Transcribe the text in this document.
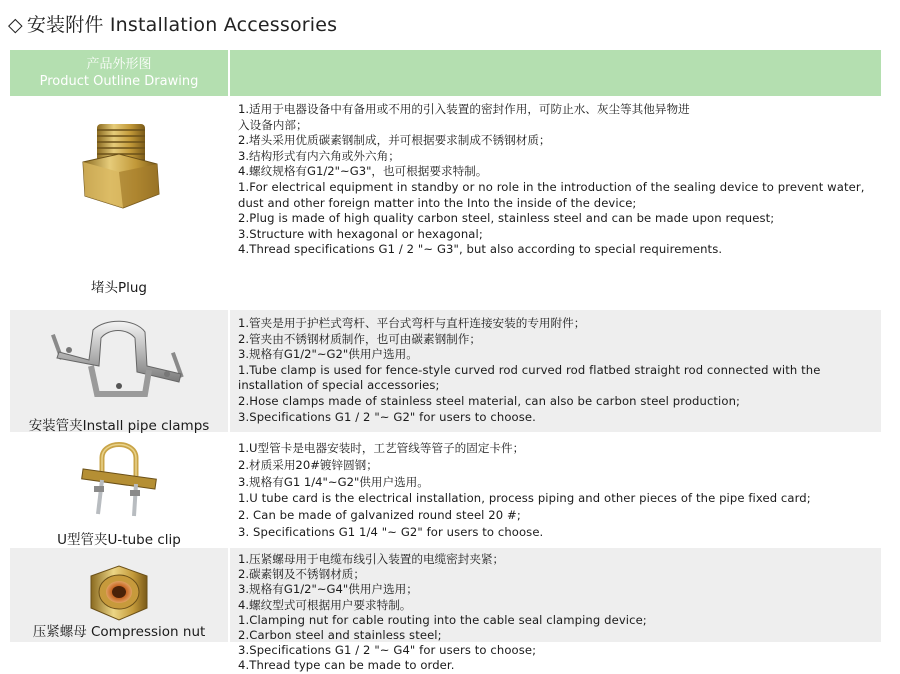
◇ 安装附件 Installation Accessories
产品外形图
Product Outline Drawing
堵头Plug
1.适用于电器设备中有备用或不用的引入装置的密封作用，可防止水、灰尘等其他异物进
入设备内部；
2.堵头采用优质碳素钢制成，并可根据要求制成不锈钢材质；
3.结构形式有内六角或外六角；
4.螺纹规格有G1/2"~G3"，也可根据要求特制。
1.For electrical equipment in standby or no role in the introduction of the sealing device to prevent water,
dust and other foreign matter into the Into the inside of the device;
2.Plug is made of high quality carbon steel, stainless steel and can be made upon request;
3.Structure with hexagonal or hexagonal;
4.Thread specifications G1 / 2 "~ G3", but also according to special requirements.
安装管夹Install pipe clamps
1.管夹是用于护栏式弯杆、平台式弯杆与直杆连接安装的专用附件；
2.管夹由不锈钢材质制作，也可由碳素钢制作；
3.规格有G1/2"~G2"供用户选用。
1.Tube clamp is used for fence-style curved rod curved rod flatbed straight rod connected with the
installation of special accessories;
2.Hose clamps made of stainless steel material, can also be carbon steel production;
3.Specifications G1 / 2 "~ G2" for users to choose.
U型管夹U-tube clip
1.U型管卡是电器安装时，工艺管线等管子的固定卡件；
2.材质采用20#镀锌圆钢；
3.规格有G1 1/4"~G2"供用户选用。
1.U tube card is the electrical installation, process piping and other pieces of the pipe fixed card;
2. Can be made of galvanized round steel 20 #;
3. Specifications G1 1/4 "~ G2" for users to choose.
压紧螺母 Compression nut
1.压紧螺母用于电缆布线引入装置的电缆密封夹紧；
2.碳素钢及不锈钢材质；
3.规格有G1/2"~G4"供用户选用；
4.螺纹型式可根据用户要求特制。
1.Clamping nut for cable routing into the cable seal clamping device;
2.Carbon steel and stainless steel;
3.Specifications G1 / 2 "~ G4" for users to choose;
4.Thread type can be made to order.
